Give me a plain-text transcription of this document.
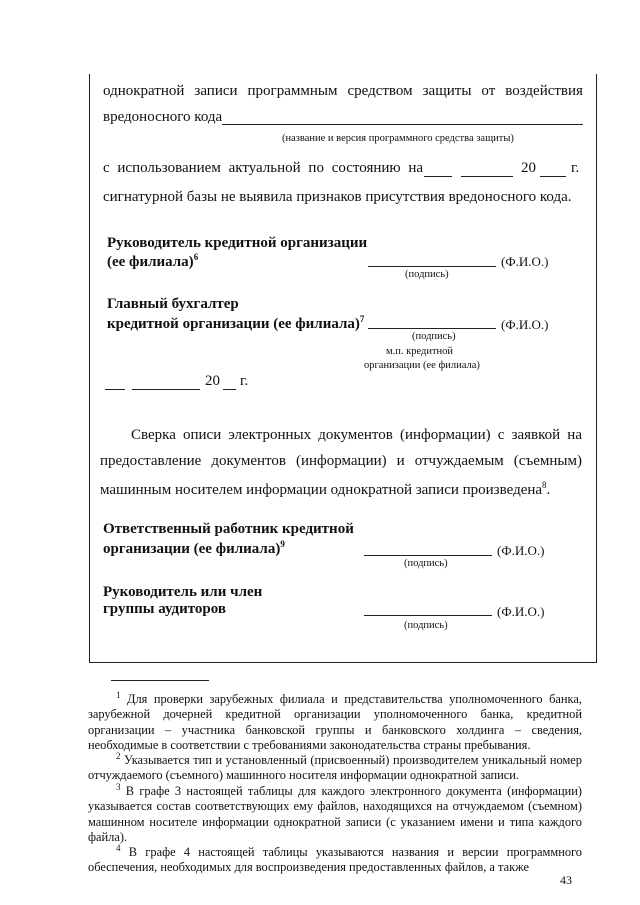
однократной записи программным средством защиты от воздействия
вредоносного кода
(название и версия программного средства защиты)
с использованием актуальной по состоянию на	20 г.
сигнатурной базы не выявила признаков присутствия вредоносного кода.
Руководитель кредитной организации
(ее филиала)$^6$	(Ф.И.О.)
(подпись)
Главный бухгалтер
кредитной организации (ее филиала)$^7$	(Ф.И.О.)
(подпись)
м.п. кредитной
организации (ее филиала)
20 г.
Сверка описи электронных документов (информации) с заявкой на
предоставление документов (информации) и отчуждаемым (съемным)
машинным носителем информации однократной записи произведена$^8$.
Ответственный работник кредитной
организации (ее филиала)$^9$	(Ф.И.О.)
(подпись)
Руководитель или член
группы аудиторов	(Ф.И.О.)
(подпись)
$^1$ Для проверки зарубежных филиала и представительства уполномоченного банка, зарубежной дочерней кредитной организации уполномоченного банка, кредитной организации – участника банковской группы и банковского холдинга – сведения, необходимые в соответствии с требованиями законодательства страны пребывания.
$^2$ Указывается тип и установленный (присвоенный) производителем уникальный номер отчуждаемого (съемного) машинного носителя информации однократной записи.
$^3$ В графе 3 настоящей таблицы для каждого электронного документа (информации) указывается состав соответствующих ему файлов, находящихся на отчуждаемом (съемном) машинном носителе информации однократной записи (с указанием имени и типа каждого файла).
$^4$ В графе 4 настоящей таблицы указываются названия и версии программного обеспечения, необходимых для воспроизведения предоставленных файлов, а также
43
